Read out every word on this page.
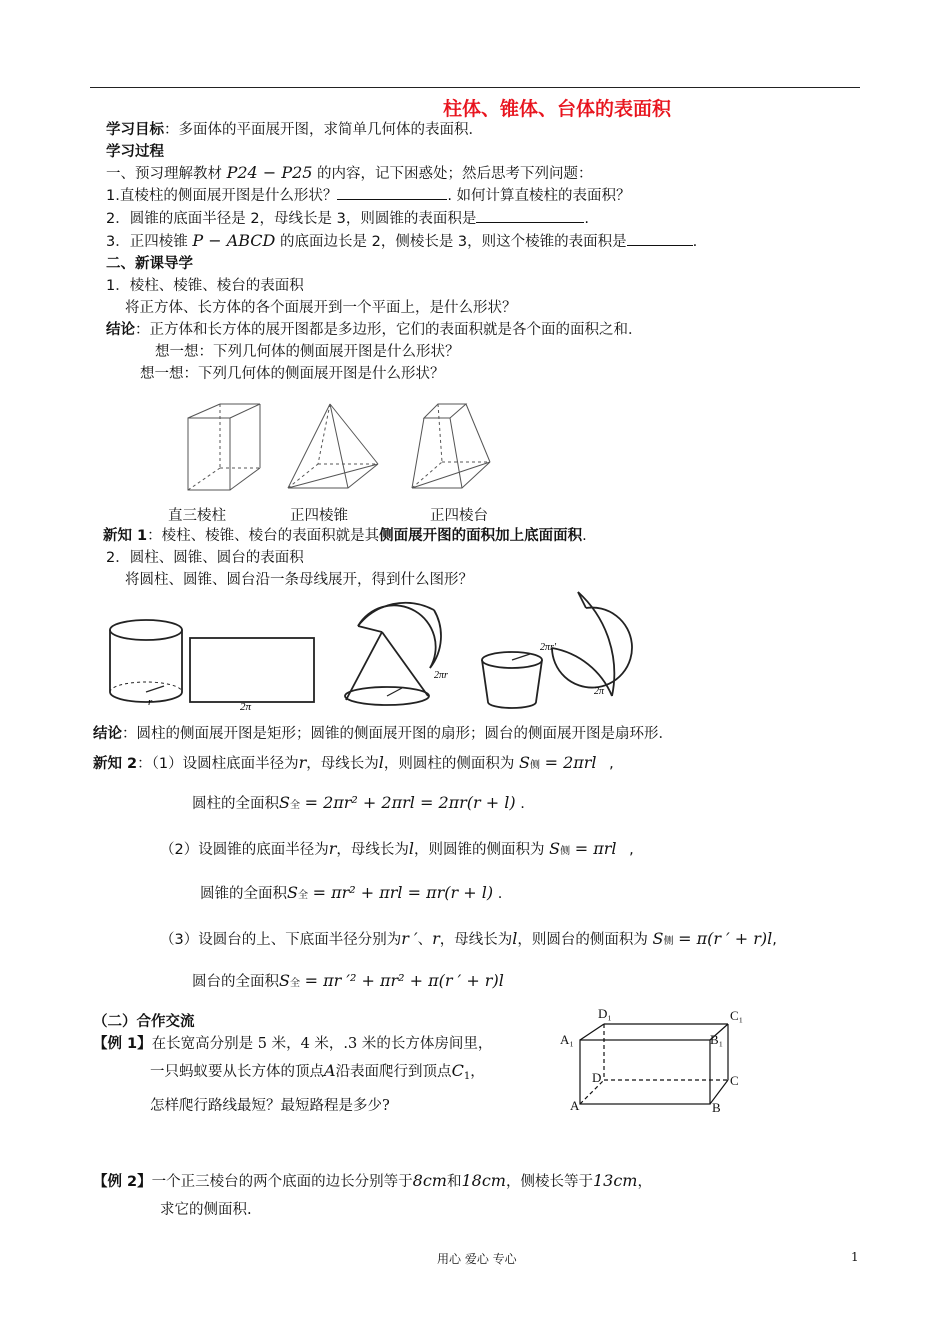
柱体、锥体、台体的表面积
学习目标：多面体的平面展开图，求简单几何体的表面积．
学习过程
一、预习理解教材 P24 − P25 的内容，记下困惑处；然后思考下列问题：
1.直棱柱的侧面展开图是什么形状？	. 如何计算直棱柱的表面积？
2．圆锥的底面半径是 2，母线长是 3，则圆锥的表面积是	.
3．正四棱锥 P − ABCD 的底面边长是 2，侧棱长是 3，则这个棱锥的表面积是	.
二、新课导学
1．棱柱、棱锥、棱台的表面积
将正方体、长方体的各个面展开到一个平面上，是什么形状？
结论：正方体和长方体的展开图都是多边形，它们的表面积就是各个面的面积之和．
想一想：下列几何体的侧面展开图是什么形状？
想一想：下列几何体的侧面展开图是什么形状？
直三棱柱	正四棱锥	正四棱台
新知 1：棱柱、棱锥、棱台的表面积就是其侧面展开图的面积加上底面面积.
2．圆柱、圆锥、圆台的表面积
将圆柱、圆锥、圆台沿一条母线展开，得到什么图形？
r	2π
2πr
2πr'
2π
结论：圆柱的侧面展开图是矩形；圆锥的侧面展开图的扇形；圆台的侧面展开图是扇环形．
新知 2：（1）设圆柱底面半径为r，母线长为l，则圆柱的侧面积为 S侧 = 2πrl ,
圆柱的全面积S全 = 2πr² + 2πrl = 2πr(r + l) .
（2）设圆锥的底面半径为r，母线长为l，则圆锥的侧面积为 S侧 = πrl ,
圆锥的全面积S全 = πr² + πrl = πr(r + l) .
（3）设圆台的上、下底面半径分别为r ′、r，母线长为l，则圆台的侧面积为 S侧 = π(r ′ + r)l,
圆台的全面积S全 = πr ′² + πr² + π(r ′ + r)l
（二）合作交流
【例 1】在长宽高分别是 5 米，4 米，.3 米的长方体房间里，
一只蚂蚁要从长方体的顶点A沿表面爬行到顶点$C_1$，
怎样爬行路线最短？最短路程是多少?
D₁	C₁
A₁	B₁
D	C
A	B
【例 2】一个正三棱台的两个底面的边长分别等于8cm和18cm，侧棱长等于13cm，
求它的侧面积.
用心 爱心 专心	1
